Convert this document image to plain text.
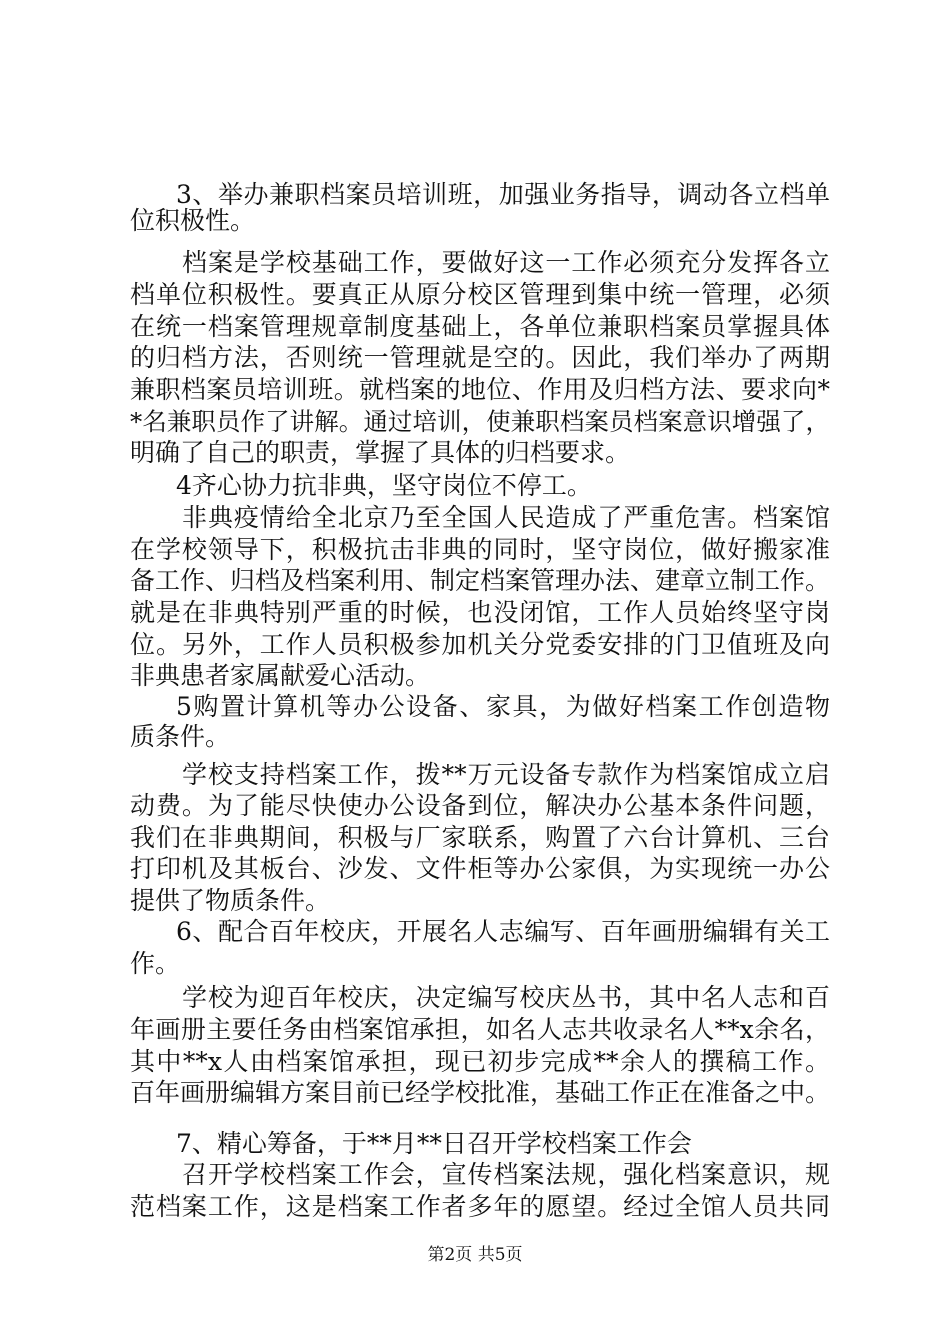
3、举办兼职档案员培训班，加强业务指导，调动各立档单
位积极性。
档案是学校基础工作，要做好这一工作必须充分发挥各立
档单位积极性。要真正从原分校区管理到集中统一管理，必须
在统一档案管理规章制度基础上，各单位兼职档案员掌握具体
的归档方法，否则统一管理就是空的。因此，我们举办了两期
兼职档案员培训班。就档案的地位、作用及归档方法、要求向*
*名兼职员作了讲解。通过培训，使兼职档案员档案意识增强了，
明确了自己的职责，掌握了具体的归档要求。
4齐心协力抗非典，坚守岗位不停工。
非典疫情给全北京乃至全国人民造成了严重危害。档案馆
在学校领导下，积极抗击非典的同时，坚守岗位，做好搬家准
备工作、归档及档案利用、制定档案管理办法、建章立制工作。
就是在非典特别严重的时候，也没闭馆，工作人员始终坚守岗
位。另外，工作人员积极参加机关分党委安排的门卫值班及向
非典患者家属献爱心活动。
5购置计算机等办公设备、家具，为做好档案工作创造物
质条件。
学校支持档案工作，拨**万元设备专款作为档案馆成立启
动费。为了能尽快使办公设备到位，解决办公基本条件问题，
我们在非典期间，积极与厂家联系，购置了六台计算机、三台
打印机及其板台、沙发、文件柜等办公家俱，为实现统一办公
提供了物质条件。
6、配合百年校庆，开展名人志编写、百年画册编辑有关工
作。
学校为迎百年校庆，决定编写校庆丛书，其中名人志和百
年画册主要任务由档案馆承担，如名人志共收录名人**x余名，
其中**x人由档案馆承担，现已初步完成**余人的撰稿工作。
百年画册编辑方案目前已经学校批准，基础工作正在准备之中。
7、精心筹备，于**月**日召开学校档案工作会
召开学校档案工作会，宣传档案法规，强化档案意识，规
范档案工作，这是档案工作者多年的愿望。经过全馆人员共同
第2页 共5页
